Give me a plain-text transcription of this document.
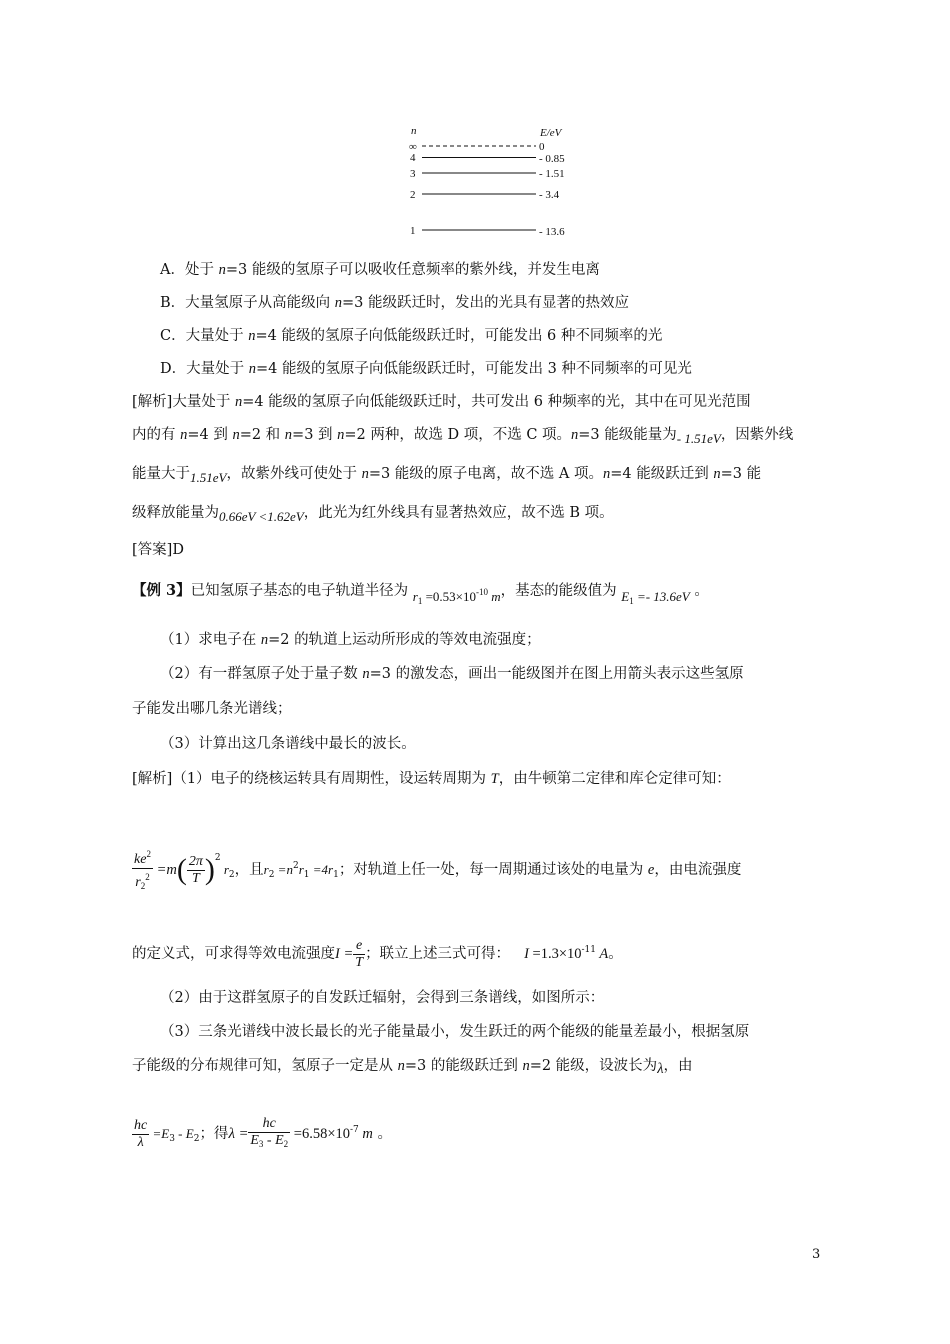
n	E/eV
∞	0
4	- 0.85
3	- 1.51
2	- 3.4
1	- 13.6
A．处于 n=3 能级的氢原子可以吸收任意频率的紫外线，并发生电离
B．大量氢原子从高能级向 n=3 能级跃迁时，发出的光具有显著的热效应
C．大量处于 n=4 能级的氢原子向低能级跃迁时，可能发出 6 种不同频率的光
D．大量处于 n=4 能级的氢原子向低能级跃迁时，可能发出 3 种不同频率的可见光
[解析]大量处于 n=4 能级的氢原子向低能级跃迁时，共可发出 6 种频率的光，其中在可见光范围
内的有 n=4 到 n=2 和 n=3 到 n=2 两种，故选 D 项，不选 C 项。n=3 能级能量为- 1.51eV，因紫外线
能量大于1.51eV，故紫外线可使处于 n=3 能级的原子电离，故不选 A 项。n=4 能级跃迁到 n=3 能
级释放能量为0.66eV <1.62eV，此光为红外线具有显著热效应，故不选 B 项。
[答案]D
【例 3】已知氢原子基态的电子轨道半径为 $r_1 =0.53\times 10^{-10}$ m，基态的能级值为 $E_1 =- 13.6eV$ 。
（1）求电子在 n=2 的轨道上运动所形成的等效电流强度；
（2）有一群氢原子处于量子数 n=3 的激发态，画出一能级图并在图上用箭头表示这些氢原
子能发出哪几条光谱线；
（3）计算出这几条谱线中最长的波长。
[解析]（1）电子的绕核运转具有周期性，设运转周期为 T，由牛顿第二定律和库仑定律可知：
$\frac{ke^2}{r_2^2} =m( \frac{2\pi}{T} )^2$ $r_2$，且$r_2 =n^2r_1 =4r_1$；对轨道上任一处，每一周期通过该处的电量为 e，由电流强度
的定义式，可求得等效电流强度$I = \frac{e}{T}$ ；联立上述三式可得： $I =1.3\times 10^{-11}$ A。
（2）由于这群氢原子的自发跃迁辐射，会得到三条谱线，如图所示：
（3）三条光谱线中波长最长的光子能量最小，发生跃迁的两个能级的能量差最小，根据氢原
子能级的分布规律可知，氢原子一定是从 n=3 的能级跃迁到 n=2 能级，设波长为λ，由
$\frac{hc}{\lambda} =E_3 - E_2$；得$\lambda = \frac{hc}{E_3 - E_2} =6.58\times 10^{-7}$ m 。
3
